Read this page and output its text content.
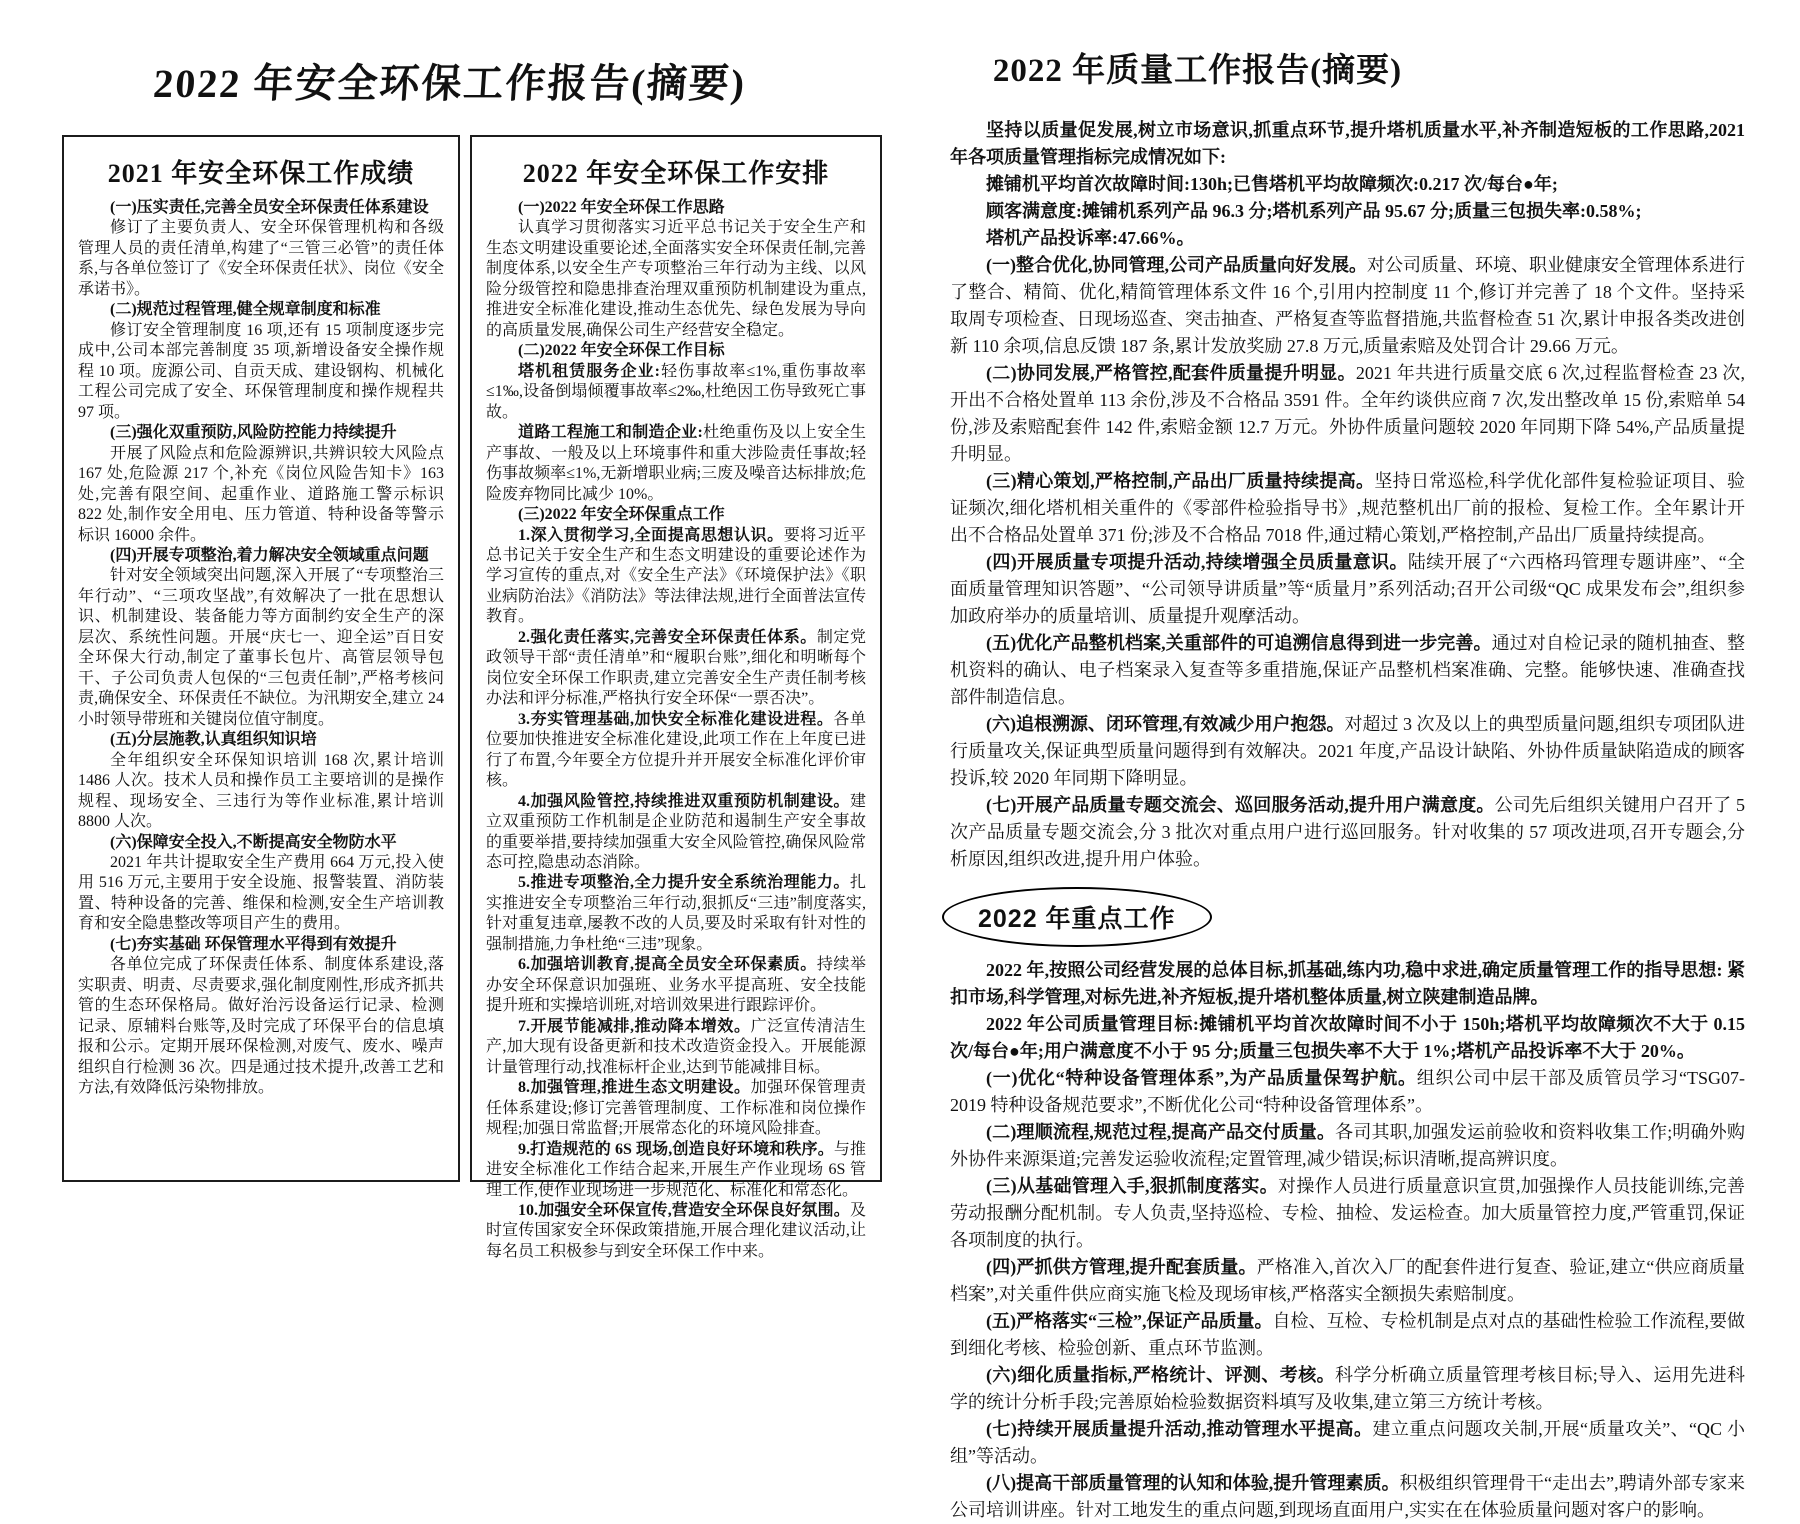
2022 年安全环保工作报告(摘要)
2021 年安全环保工作成绩

(一)压实责任,完善全员安全环保责任体系建设

修订了主要负责人、安全环保管理机构和各级管理人员的责任清单,构建了“三管三必管”的责任体系,与各单位签订了《安全环保责任状》、岗位《安全承诺书》。

(二)规范过程管理,健全规章制度和标准

修订安全管理制度 16 项,还有 15 项制度逐步完成中,公司本部完善制度 35 项,新增设备安全操作规程 10 项。庞源公司、自贡天成、建设钢构、机械化工程公司完成了安全、环保管理制度和操作规程共 97 项。

(三)强化双重预防,风险防控能力持续提升

开展了风险点和危险源辨识,共辨识较大风险点 167 处,危险源 217 个,补充《岗位风险告知卡》163 处,完善有限空间、起重作业、道路施工警示标识 822 处,制作安全用电、压力管道、特种设备等警示标识 16000 余件。

(四)开展专项整治,着力解决安全领域重点问题

针对安全领域突出问题,深入开展了“专项整治三年行动”、“三项攻坚战”,有效解决了一批在思想认识、机制建设、装备能力等方面制约安全生产的深层次、系统性问题。开展“庆七一、迎全运”百日安全环保大行动,制定了董事长包片、高管层领导包干、子公司负责人包保的“三包责任制”,严格考核问责,确保安全、环保责任不缺位。为汛期安全,建立 24 小时领导带班和关键岗位值守制度。

(五)分层施教,认真组织知识培

全年组织安全环保知识培训 168 次,累计培训 1486 人次。技术人员和操作员工主要培训的是操作规程、现场安全、三违行为等作业标准,累计培训 8800 人次。

(六)保障安全投入,不断提高安全物防水平

2021 年共计提取安全生产费用 664 万元,投入使用 516 万元,主要用于安全设施、报警装置、消防装置、特种设备的完善、维保和检测,安全生产培训教育和安全隐患整改等项目产生的费用。

(七)夯实基础 环保管理水平得到有效提升

各单位完成了环保责任体系、制度体系建设,落实职责、明责、尽责要求,强化制度刚性,形成齐抓共管的生态环保格局。做好治污设备运行记录、检测记录、原辅料台账等,及时完成了环保平台的信息填报和公示。定期开展环保检测,对废气、废水、噪声组织自行检测 36 次。四是通过技术提升,改善工艺和方法,有效降低污染物排放。

2022 年安全环保工作安排

(一)2022 年安全环保工作思路

认真学习贯彻落实习近平总书记关于安全生产和生态文明建设重要论述,全面落实安全环保责任制,完善制度体系,以安全生产专项整治三年行动为主线、以风险分级管控和隐患排查治理双重预防机制建设为重点,推进安全标准化建设,推动生态优先、绿色发展为导向的高质量发展,确保公司生产经营安全稳定。

(二)2022 年安全环保工作目标

塔机租赁服务企业:轻伤事故率≤1%,重伤事故率≤1‰,设备倒塌倾覆事故率≤2‰,杜绝因工伤导致死亡事故。

道路工程施工和制造企业:杜绝重伤及以上安全生产事故、一般及以上环境事件和重大涉险责任事故;轻伤事故频率≤1%,无新增职业病;三废及噪音达标排放;危险废弃物同比减少 10%。

(三)2022 年安全环保重点工作

1.深入贯彻学习,全面提高思想认识。要将习近平总书记关于安全生产和生态文明建设的重要论述作为学习宣传的重点,对《安全生产法》《环境保护法》《职业病防治法》《消防法》等法律法规,进行全面普法宣传教育。

2.强化责任落实,完善安全环保责任体系。制定党政领导干部“责任清单”和“履职台账”,细化和明晰每个岗位安全环保工作职责,建立完善安全生产责任制考核办法和评分标准,严格执行安全环保“一票否决”。

3.夯实管理基础,加快安全标准化建设进程。各单位要加快推进安全标准化建设,此项工作在上年度已进行了布置,今年要全方位提升并开展安全标准化评价审核。

4.加强风险管控,持续推进双重预防机制建设。建立双重预防工作机制是企业防范和遏制生产安全事故的重要举措,要持续加强重大安全风险管控,确保风险常态可控,隐患动态消除。

5.推进专项整治,全力提升安全系统治理能力。扎实推进安全专项整治三年行动,狠抓反“三违”制度落实,针对重复违章,屡教不改的人员,要及时采取有针对性的强制措施,力争杜绝“三违”现象。

6.加强培训教育,提高全员安全环保素质。持续举办安全环保意识加强班、业务水平提高班、安全技能提升班和实操培训班,对培训效果进行跟踪评价。

7.开展节能减排,推动降本增效。广泛宣传清洁生产,加大现有设备更新和技术改造资金投入。开展能源计量管理行动,找准标杆企业,达到节能减排目标。

8.加强管理,推进生态文明建设。加强环保管理责任体系建设;修订完善管理制度、工作标准和岗位操作规程;加强日常监督;开展常态化的环境风险排查。

9.打造规范的 6S 现场,创造良好环境和秩序。与推进安全标准化工作结合起来,开展生产作业现场 6S 管理工作,使作业现场进一步规范化、标准化和常态化。

10.加强安全环保宣传,营造安全环保良好氛围。及时宣传国家安全环保政策措施,开展合理化建议活动,让每名员工积极参与到安全环保工作中来。

2022 年质量工作报告(摘要)

坚持以质量促发展,树立市场意识,抓重点环节,提升塔机质量水平,补齐制造短板的工作思路,2021 年各项质量管理指标完成情况如下:

摊铺机平均首次故障时间:130h;已售塔机平均故障频次:0.217 次/每台●年;

顾客满意度:摊铺机系列产品 96.3 分;塔机系列产品 95.67 分;质量三包损失率:0.58%;

塔机产品投诉率:47.66%。

(一)整合优化,协同管理,公司产品质量向好发展。对公司质量、环境、职业健康安全管理体系进行了整合、精简、优化,精简管理体系文件 16 个,引用内控制度 11 个,修订并完善了 18 个文件。坚持采取周专项检查、日现场巡查、突击抽查、严格复查等监督措施,共监督检查 51 次,累计申报各类改进创新 110 余项,信息反馈 187 条,累计发放奖励 27.8 万元,质量索赔及处罚合计 29.66 万元。

(二)协同发展,严格管控,配套件质量提升明显。2021 年共进行质量交底 6 次,过程监督检查 23 次,开出不合格处置单 113 余份,涉及不合格品 3591 件。全年约谈供应商 7 次,发出整改单 15 份,索赔单 54 份,涉及索赔配套件 142 件,索赔金额 12.7 万元。外协件质量问题较 2020 年同期下降 54%,产品质量提升明显。

(三)精心策划,严格控制,产品出厂质量持续提高。坚持日常巡检,科学优化部件复检验证项目、验证频次,细化塔机相关重件的《零部件检验指导书》,规范整机出厂前的报检、复检工作。全年累计开出不合格品处置单 371 份;涉及不合格品 7018 件,通过精心策划,严格控制,产品出厂质量持续提高。

(四)开展质量专项提升活动,持续增强全员质量意识。陆续开展了“六西格玛管理专题讲座”、“全面质量管理知识答题”、“公司领导讲质量”等“质量月”系列活动;召开公司级“QC 成果发布会”,组织参加政府举办的质量培训、质量提升观摩活动。

(五)优化产品整机档案,关重部件的可追溯信息得到进一步完善。通过对自检记录的随机抽查、整机资料的确认、电子档案录入复查等多重措施,保证产品整机档案准确、完整。能够快速、准确查找部件制造信息。

(六)追根溯源、闭环管理,有效减少用户抱怨。对超过 3 次及以上的典型质量问题,组织专项团队进行质量攻关,保证典型质量问题得到有效解决。2021 年度,产品设计缺陷、外协件质量缺陷造成的顾客投诉,较 2020 年同期下降明显。

(七)开展产品质量专题交流会、巡回服务活动,提升用户满意度。公司先后组织关键用户召开了 5 次产品质量专题交流会,分 3 批次对重点用户进行巡回服务。针对收集的 57 项改进项,召开专题会,分析原因,组织改进,提升用户体验。

2022 年重点工作

2022 年,按照公司经营发展的总体目标,抓基础,练内功,稳中求进,确定质量管理工作的指导思想: 紧扣市场,科学管理,对标先进,补齐短板,提升塔机整体质量,树立陕建制造品牌。

2022 年公司质量管理目标:摊铺机平均首次故障时间不小于 150h;塔机平均故障频次不大于 0.15 次/每台●年;用户满意度不小于 95 分;质量三包损失率不大于 1%;塔机产品投诉率不大于 20%。

(一)优化“特种设备管理体系”,为产品质量保驾护航。组织公司中层干部及质管员学习“TSG07-2019 特种设备规范要求”,不断优化公司“特种设备管理体系”。

(二)理顺流程,规范过程,提高产品交付质量。各司其职,加强发运前验收和资料收集工作;明确外购外协件来源渠道;完善发运验收流程;定置管理,减少错误;标识清晰,提高辨识度。

(三)从基础管理入手,狠抓制度落实。对操作人员进行质量意识宣贯,加强操作人员技能训练,完善劳动报酬分配机制。专人负责,坚持巡检、专检、抽检、发运检查。加大质量管控力度,严管重罚,保证各项制度的执行。

(四)严抓供方管理,提升配套质量。严格准入,首次入厂的配套件进行复查、验证,建立“供应商质量档案”,对关重件供应商实施飞检及现场审核,严格落实全额损失索赔制度。

(五)严格落实“三检”,保证产品质量。自检、互检、专检机制是点对点的基础性检验工作流程,要做到细化考核、检验创新、重点环节监测。

(六)细化质量指标,严格统计、评测、考核。科学分析确立质量管理考核目标;导入、运用先进科学的统计分析手段;完善原始检验数据资料填写及收集,建立第三方统计考核。

(七)持续开展质量提升活动,推动管理水平提高。建立重点问题攻关制,开展“质量攻关”、“QC 小组”等活动。

(八)提高干部质量管理的认知和体验,提升管理素质。积极组织管理骨干“走出去”,聘请外部专家来公司培训讲座。针对工地发生的重点问题,到现场直面用户,实实在在体验质量问题对客户的影响。
